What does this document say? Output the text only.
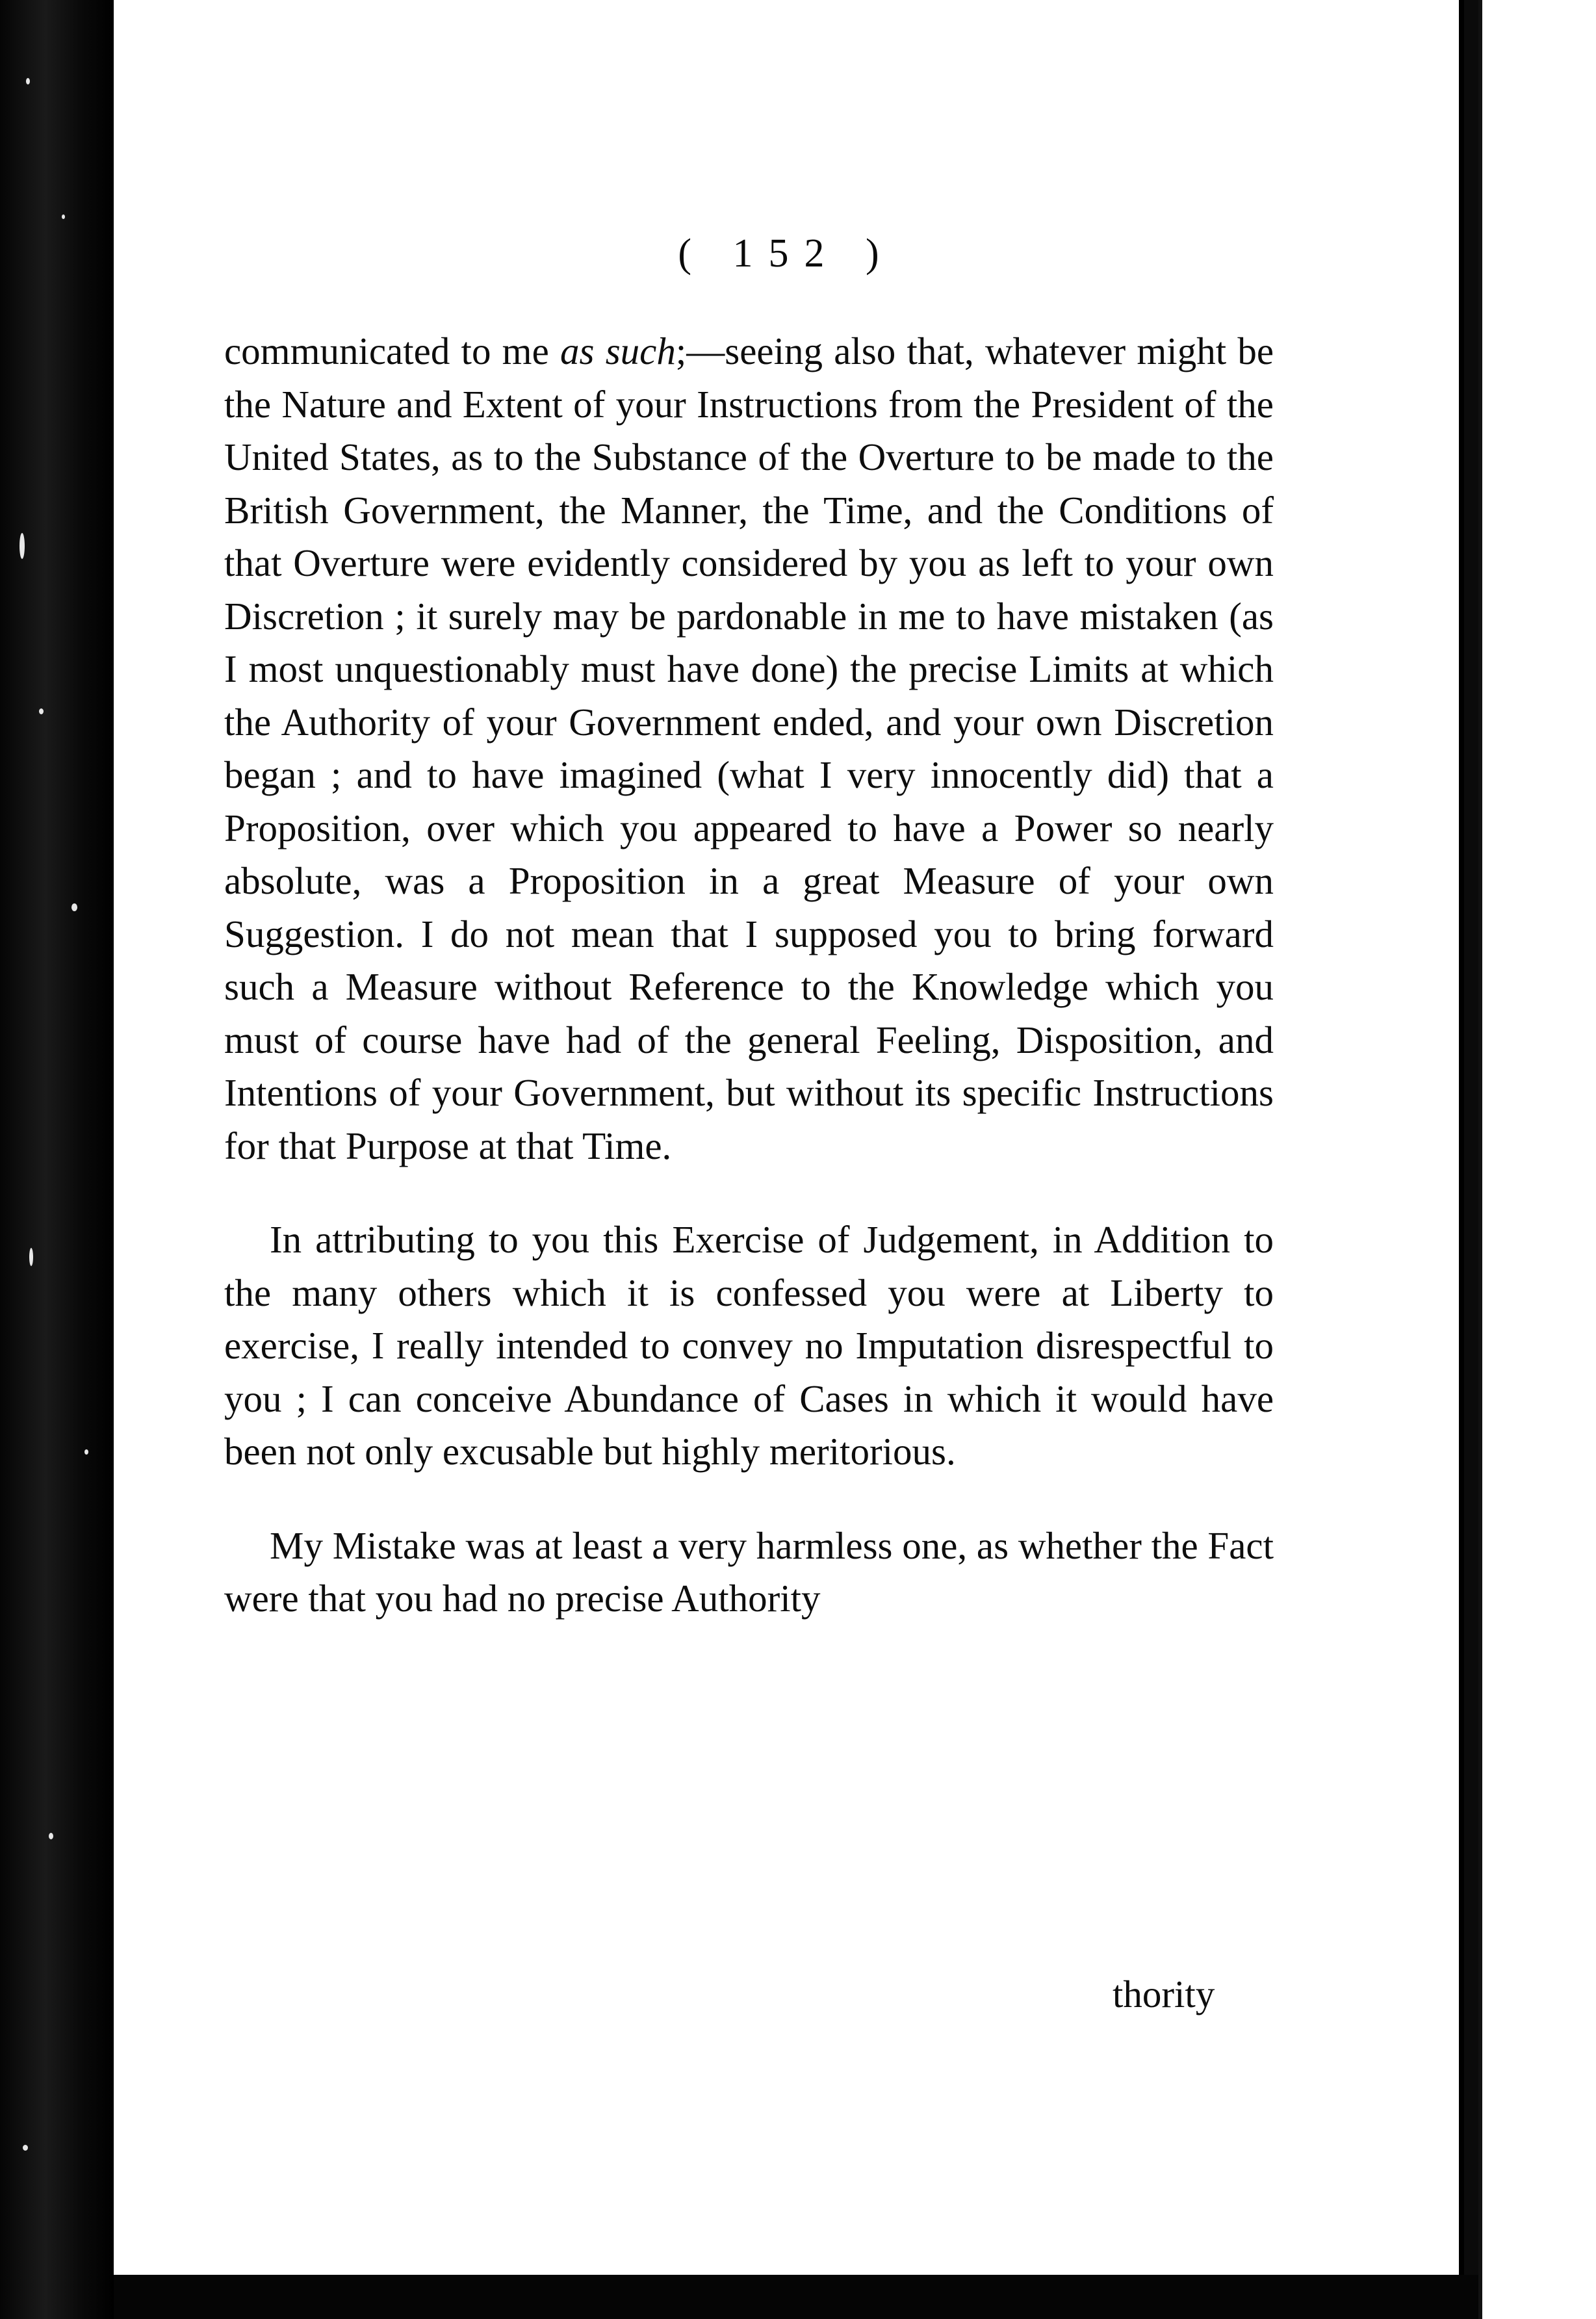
( 152 )

communicated to me as such;—seeing also that, whatever might be the Nature and Extent of your Instructions from the President of the United States, as to the Substance of the Overture to be made to the British Government, the Manner, the Time, and the Conditions of that Overture were evidently considered by you as left to your own Discretion ; it surely may be pardonable in me to have mistaken (as I most unquestionably must have done) the precise Limits at which the Authority of your Government ended, and your own Discretion began ; and to have imagined (what I very innocently did) that a Proposition, over which you appeared to have a Power so nearly absolute, was a Proposition in a great Measure of your own Suggestion. I do not mean that I supposed you to bring forward such a Measure without Reference to the Knowledge which you must of course have had of the general Feeling, Disposition, and Intentions of your Government, but without its specific Instructions for that Purpose at that Time.

In attributing to you this Exercise of Judgement, in Addition to the many others which it is confessed you were at Liberty to exercise, I really intended to convey no Imputation disrespectful to you ; I can conceive Abundance of Cases in which it would have been not only excusable but highly meritorious.

My Mistake was at least a very harmless one, as whether the Fact were that you had no precise Authority

thority
